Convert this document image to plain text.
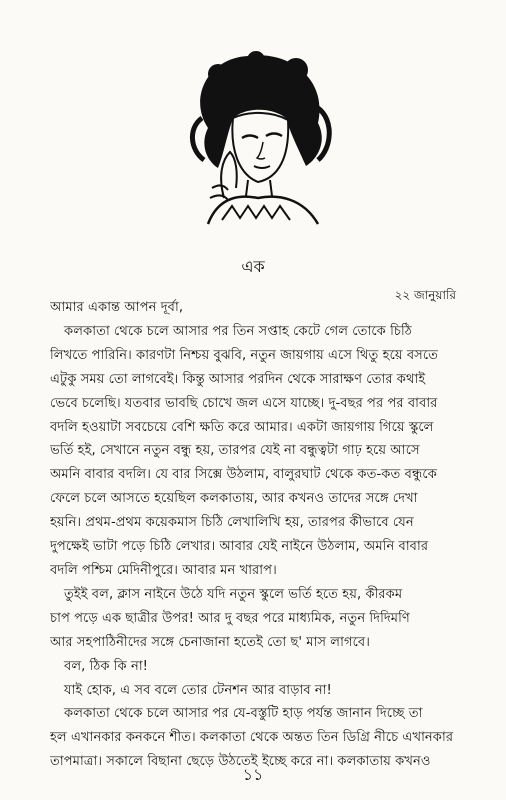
এক
২২ জানুয়ারি
আমার একান্ত আপন দূর্বা,
কলকাতা থেকে চলে আসার পর তিন সপ্তাহ কেটে গেল তোকে চিঠি
লিখতে পারিনি। কারণটা নিশ্চয় বুঝবি, নতুন জায়গায় এসে থিতু হয়ে বসতে
এটুকু সময় তো লাগবেই। কিন্তু আসার পরদিন থেকে সারাক্ষণ তোর কথাই
ভেবে চলেছি। যতবার ভাবছি চোখে জল এসে যাচ্ছে। দু-বছর পর পর বাবার
বদলি হওয়াটা সবচেয়ে বেশি ক্ষতি করে আমার। একটা জায়গায় গিয়ে স্কুলে
ভর্তি হই, সেখানে নতুন বন্ধু হয়, তারপর যেই না বন্ধুত্বটা গাঢ় হয়ে আসে
অমনি বাবার বদলি। যে বার সিক্সে উঠলাম, বালুরঘাট থেকে কত-কত বন্ধুকে
ফেলে চলে আসতে হয়েছিল কলকাতায়, আর কখনও তাদের সঙ্গে দেখা
হয়নি। প্রথম-প্রথম কয়েকমাস চিঠি লেখালিখি হয়, তারপর কীভাবে যেন
দুপক্ষেই ভাটা পড়ে চিঠি লেখার। আবার যেই নাইনে উঠলাম, অমনি বাবার
বদলি পশ্চিম মেদিনীপুরে। আবার মন খারাপ।
তুইই বল, ক্লাস নাইনে উঠে যদি নতুন স্কুলে ভর্তি হতে হয়, কীরকম
চাপ পড়ে এক ছাত্রীর উপর! আর দু বছর পরে মাধ্যমিক, নতুন দিদিমণি
আর সহপাঠিনীদের সঙ্গে চেনাজানা হতেই তো ছ' মাস লাগবে।
বল, ঠিক কি না!
যাই হোক, এ সব বলে তোর টেনশন আর বাড়াব না!
কলকাতা থেকে চলে আসার পর যে-বস্তুটি হাড় পর্যন্ত জানান দিচ্ছে তা
হল এখানকার কনকনে শীত। কলকাতা থেকে অন্তত তিন ডিগ্রি নীচে এখানকার
তাপমাত্রা। সকালে বিছানা ছেড়ে উঠতেই ইচ্ছে করে না। কলকাতায় কখনও
১১
